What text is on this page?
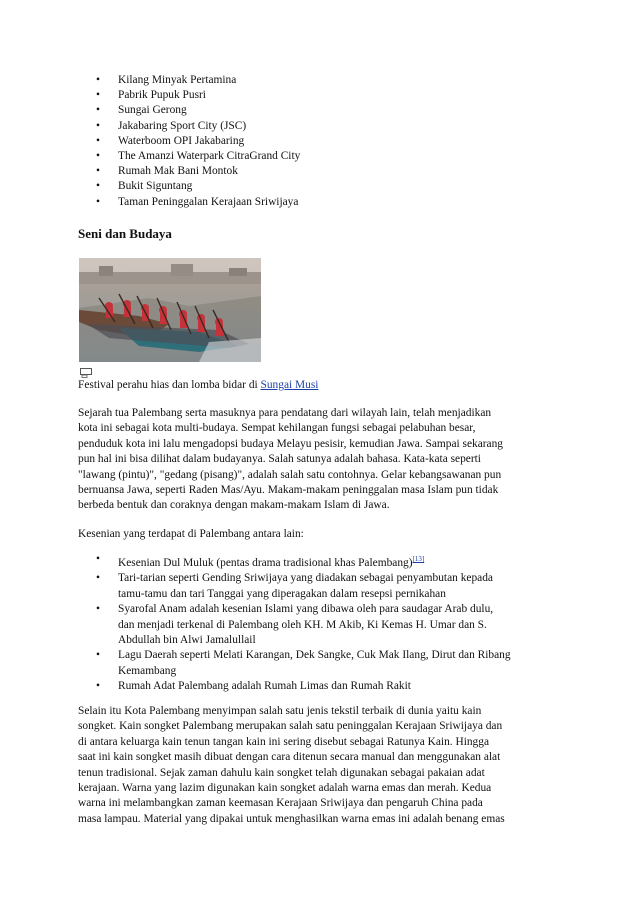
• Kilang Minyak Pertamina
• Pabrik Pupuk Pusri
• Sungai Gerong
• Jakabaring Sport City (JSC)
• Waterboom OPI Jakabaring
• The Amanzi Waterpark CitraGrand City
• Rumah Mak Bani Montok
• Bukit Siguntang
• Taman Peninggalan Kerajaan Sriwijaya
Seni dan Budaya
Festival perahu hias dan lomba bidar di Sungai Musi

Sejarah tua Palembang serta masuknya para pendatang dari wilayah lain, telah menjadikan
kota ini sebagai kota multi-budaya. Sempat kehilangan fungsi sebagai pelabuhan besar,
penduduk kota ini lalu mengadopsi budaya Melayu pesisir, kemudian Jawa. Sampai sekarang
pun hal ini bisa dilihat dalam budayanya. Salah satunya adalah bahasa. Kata-kata seperti
"lawang (pintu)", "gedang (pisang)", adalah salah satu contohnya. Gelar kebangsawanan pun
bernuansa Jawa, seperti Raden Mas/Ayu. Makam-makam peninggalan masa Islam pun tidak
berbeda bentuk dan coraknya dengan makam-makam Islam di Jawa.

Kesenian yang terdapat di Palembang antara lain:

• Kesenian Dul Muluk (pentas drama tradisional khas Palembang)[13]
• Tari-tarian seperti Gending Sriwijaya yang diadakan sebagai penyambutan kepada
tamu-tamu dan tari Tanggai yang diperagakan dalam resepsi pernikahan
• Syarofal Anam adalah kesenian Islami yang dibawa oleh para saudagar Arab dulu,
dan menjadi terkenal di Palembang oleh KH. M Akib, Ki Kemas H. Umar dan S.
Abdullah bin Alwi Jamalullail
• Lagu Daerah seperti Melati Karangan, Dek Sangke, Cuk Mak Ilang, Dirut dan Ribang
Kemambang
• Rumah Adat Palembang adalah Rumah Limas dan Rumah Rakit

Selain itu Kota Palembang menyimpan salah satu jenis tekstil terbaik di dunia yaitu kain
songket. Kain songket Palembang merupakan salah satu peninggalan Kerajaan Sriwijaya dan
di antara keluarga kain tenun tangan kain ini sering disebut sebagai Ratunya Kain. Hingga
saat ini kain songket masih dibuat dengan cara ditenun secara manual dan menggunakan alat
tenun tradisional. Sejak zaman dahulu kain songket telah digunakan sebagai pakaian adat
kerajaan. Warna yang lazim digunakan kain songket adalah warna emas dan merah. Kedua
warna ini melambangkan zaman keemasan Kerajaan Sriwijaya dan pengaruh China pada
masa lampau. Material yang dipakai untuk menghasilkan warna emas ini adalah benang emas
